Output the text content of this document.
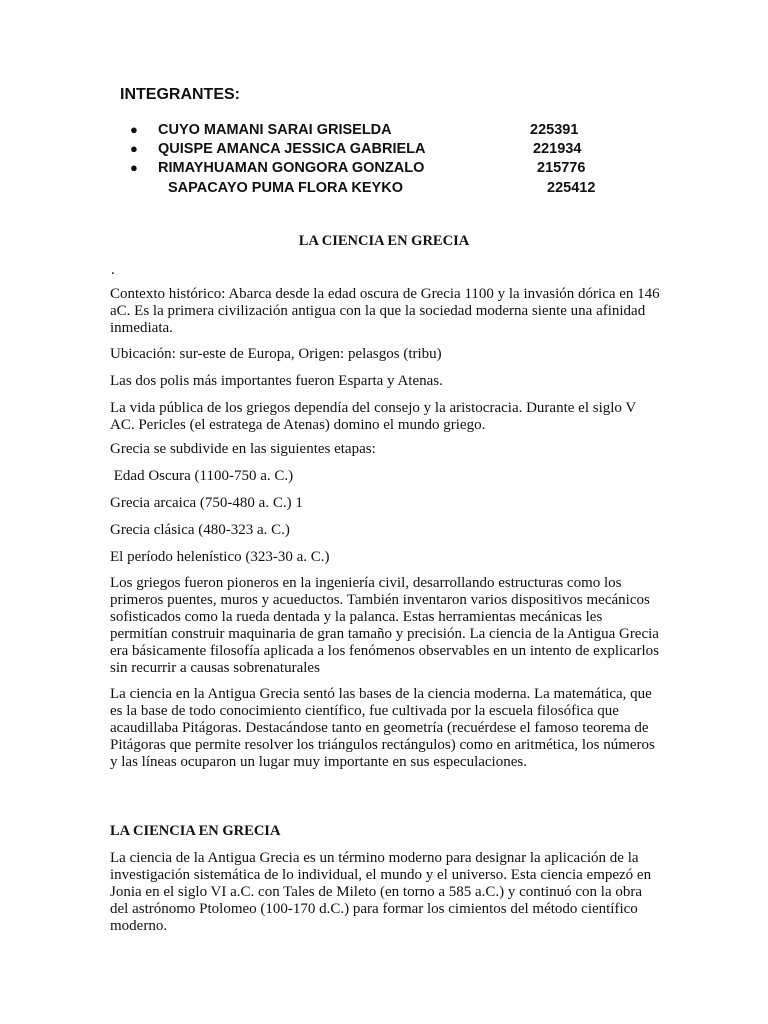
INTEGRANTES:
● CUYO MAMANI SARAI GRISELDA	225391
● QUISPE AMANCA JESSICA GABRIELA	221934
● RIMAYHUAMAN GONGORA GONZALO	215776
SAPACAYO PUMA FLORA KEYKO	225412
LA CIENCIA EN GRECIA
.

Contexto histórico: Abarca desde la edad oscura de Grecia 1100 y la invasión dórica en 146 aC. Es la primera civilización antigua con la que la sociedad moderna siente una afinidad inmediata.

Ubicación: sur-este de Europa, Origen: pelasgos (tribu)

Las dos polis más importantes fueron Esparta y Atenas.

La vida pública de los griegos dependía del consejo y la aristocracia. Durante el siglo V AC. Pericles (el estratega de Atenas) domino el mundo griego.

Grecia se subdivide en las siguientes etapas:

Edad Oscura (1100-750 a. C.)

Grecia arcaica (750-480 a. C.) 1

Grecia clásica (480-323 a. C.)

El período helenístico (323-30 a. C.)

Los griegos fueron pioneros en la ingeniería civil, desarrollando estructuras como los primeros puentes, muros y acueductos. También inventaron varios dispositivos mecánicos sofisticados como la rueda dentada y la palanca. Estas herramientas mecánicas les permitían construir maquinaria de gran tamaño y precisión. La ciencia de la Antigua Grecia era básicamente filosofía aplicada a los fenómenos observables en un intento de explicarlos sin recurrir a causas sobrenaturales

La ciencia en la Antigua Grecia sentó las bases de la ciencia moderna. La matemática, que es la base de todo conocimiento científico, fue cultivada por la escuela filosófica que acaudillaba Pitágoras. Destacándose tanto en geometría (recuérdese el famoso teorema de Pitágoras que permite resolver los triángulos rectángulos) como en aritmética, los números y las líneas ocuparon un lugar muy importante en sus especulaciones.

LA CIENCIA EN GRECIA

La ciencia de la Antigua Grecia es un término moderno para designar la aplicación de la investigación sistemática de lo individual, el mundo y el universo. Esta ciencia empezó en Jonia en el siglo VI a.C. con Tales de Mileto (en torno a 585 a.C.) y continuó con la obra del astrónomo Ptolomeo (100-170 d.C.) para formar los cimientos del método científico moderno.
